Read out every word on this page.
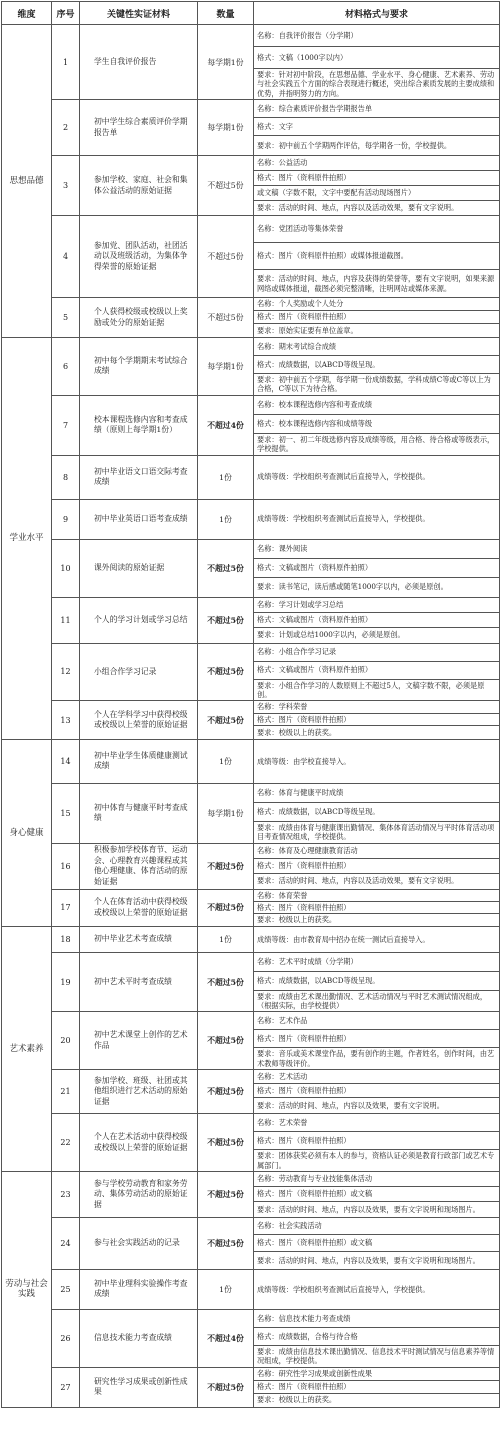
维度	序号	关键性实证材料	数量	材料格式与要求
思想品德	1	学生自我评价报告	每学期1份	名称：自我评价报告（分学期）
				格式：文稿（1000字以内）
				要求：针对初中阶段，在思想品德、学业水平、身心健康、艺术素养、劳动与社会实践五个方面的综合表现进行概述，突出综合素质发展的主要成绩和优势，并指明努力的方向。
	2	初中学生综合素质评价学期报告单	每学期1份	名称：综合素质评价报告学期报告单
				格式：文字
				要求：初中前五个学期两作评估，每学期各一份，学校提供。
	3	参加学校、家庭、社会和集体公益活动的原始证据	不超过5份	名称：公益活动
				格式：图片（资料原件拍照）
				或文稿（字数不限，文字中要配有活动现场图片）
				要求：活动的时间、地点，内容以及活动效果，要有文字说明。
	4	参加党、团队活动，社团活动以及班级活动，为集体争得荣誉的原始证据	不超过5份	名称：党团活动等集体荣誉
				格式：图片（资料原件拍照）或媒体报道截图。
				要求：活动的时间、地点，内容及获得的荣誉等，要有文字说明，如果来源网络或媒体报道，截图必须完整清晰，注明网站或媒体来源。
	5	个人获得校级或校级以上奖励或处分的原始证据	不超过5份	名称：个人奖励或个人处分
				格式：图片（资料原件拍照）
				要求：原始实证要有单位盖章。
学业水平	6	初中每个学期期末考试综合成绩	每学期1份	名称：期末考试综合成绩
				格式：成绩数据，以ABCD等级呈现。
				要求：初中前五个学期，每学期一份成绩数据，学科成绩C等或C等以上为合格，C等以下为待合格。
	7	校本课程选修内容和考查成绩（原则上每学期1份）	不超过4份	名称：校本课程选修内容和考查成绩
				格式：校本课程选修内容和成绩等级
				要求：初一、初二年级选修内容及成绩等级，用合格、待合格或等级表示，学校提供。
	8	初中毕业语文口语交际考查成绩	1份	成绩等级：学校组织考查测试后直接导入，学校提供。
	9	初中毕业英语口语考查成绩	1份	成绩等级：学校组织考查测试后直接导入，学校提供。
	10	课外阅读的原始证据	不超过5份	名称：课外阅读
				格式：文稿或图片（资料原件拍照）
				要求：读书笔记，读后感或随笔1000字以内，必须是原创。
	11	个人的学习计划或学习总结	不超过5份	名称：学习计划或学习总结
				格式：文稿或图片（资料原件拍照）
				要求：计划或总结1000字以内，必须是原创。
	12	小组合作学习记录	不超过5份	名称：小组合作学习记录
				格式：文稿或图片（资料原件拍照）
				要求：小组合作学习的人数原则上不超过5人，文稿字数不限，必须是原创。
	13	个人在学科学习中获得校级或校级以上荣誉的原始证据	不超过5份	名称：学科荣誉
				格式：图片（资料原件拍照）
				要求：校级以上的获奖。
身心健康	14	初中毕业学生体质健康测试成绩	1份	成绩等级：由学校直接导入。
	15	初中体育与健康平时考查成绩	每学期1份	名称：体育与健康平时成绩
				格式：成绩数据，以ABCD等级呈现。
				要求：成绩由体育与健康课出勤情况、集体体育活动情况与平时体育活动项目考查情况组成，学校提供。
	16	积极参加学校体育节、运动会、心理教育兴趣课程或其他心理健康、体育活动的原始证据	不超过5份	名称：体育及心理健康教育活动
				格式：图片（资料原件拍照）
				要求：活动的时间、地点，内容以及活动效果，要有文字说明。
	17	个人在体育活动中获得校级或校级以上荣誉的原始证据	不超过5份	名称：体育荣誉
				格式：图片（资料原件拍照）
				要求：校级以上的获奖。
艺术素养	18	初中毕业艺术考查成绩	1份	成绩等级：由市教育局中招办在统一测试后直接导入。
	19	初中艺术平时考查成绩	不超过5份	名称：艺术平时成绩（分学期）
				格式：成绩数据，以ABCD等级呈现。
				要求：成绩由艺术课出勤情况、艺术活动情况与平时艺术测试情况组成，（根据实际，由学校提供）
	20	初中艺术课堂上创作的艺术作品	不超过5份	名称：艺术作品
				格式：图片（资料原件拍照）
				要求：音乐或美术课堂作品，要有创作的主题，作者姓名，创作时间，由艺术教师等级评价。
	21	参加学校、班级、社团或其他组织进行艺术活动的原始证据	不超过5份	名称：艺术活动
				格式：图片（资料原件拍照）
				要求：活动的时间、地点，内容以及效果，要有文字说明。
	22	个人在艺术活动中获得校级或校级以上荣誉的原始证据	不超过5份	名称：艺术荣誉
				格式：图片（资料原件拍照）
				要求：团体获奖必须有本人的参与，资格认证必须是教育行政部门或艺术专属部门。
劳动与社会实践	23	参与学校劳动教育和家务劳动、集体劳动活动的原始证据	不超过5份	名称：劳动教育与专业技能集体活动
				格式：图片（资料原件拍照）或文稿
				要求：活动的时间、地点，内容以及效果，要有文字说明和现场图片。
	24	参与社会实践活动的记录	不超过5份	名称：社会实践活动
				格式：图片（资料原件拍照）或文稿
				要求：活动的时间、地点，内容以及效果，要有文字说明和现场图片。
	25	初中毕业理科实验操作考查成绩	1份	成绩等级：学校组织考查测试后直接导入，学校提供。
	26	信息技术能力考查成绩	不超过4份	名称：信息技术能力考查成绩
				格式：成绩数据，合格与待合格
				要求：成绩由信息技术课出勤情况、信息技术平时测试情况与信息素养等情况组成，学校提供。
	27	研究性学习成果或创新性成果	不超过5份	名称：研究性学习成果或创新性成果
				格式：图片（资料原件拍照）
				要求：校级以上的获奖。
